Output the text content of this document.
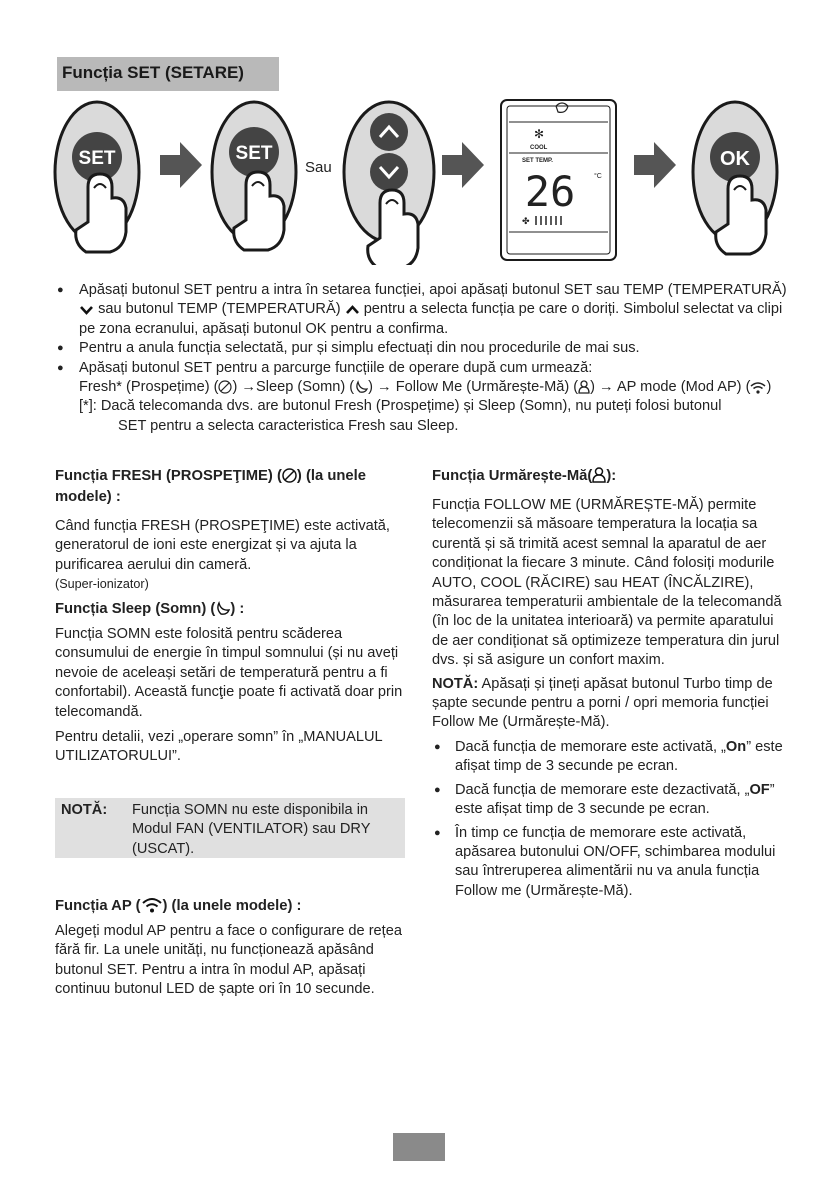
Funcția SET (SETARE)
SET	SET
Sau
✻
COOL
SET TEMP.
26	°C
✤
OK
● Apăsați butonul SET pentru a intra în setarea funcției, apoi apăsați butonul SET sau TEMP (TEMPERATURĂ)  sau butonul TEMP (TEMPERATURĂ) pentru a selecta funcția pe care o doriți. Simbolul selectat va clipi pe zona ecranului, apăsați butonul OK pentru a confirma.
● Pentru a anula funcția selectată, pur și simplu efectuați din nou procedurile de mai sus.
● Apăsați butonul SET pentru a parcurge funcțiile de operare după cum urmează:
Fresh* (Prospețime) ( ) →Sleep (Somn) ( ) → Follow Me (Urmărește-Mă) ( ) → AP mode (Mod AP) ( )
[*]: Dacă telecomanda dvs. are butonul Fresh (Prospețime) și Sleep (Somn), nu puteți folosi butonul
SET pentru a selecta caracteristica Fresh sau Sleep.
Funcția FRESH (PROSPEŢIME) ( ) (la unele
modele) :
Când funcția FRESH (PROSPEŢIME) este activată, generatorul de ioni este energizat și va ajuta la purificarea aerului din cameră.
(Super-ionizator)
Funcția Sleep (Somn) ( ) :
Funcția SOMN este folosită pentru scăderea consumului de energie în timpul somnului (și nu aveți nevoie de aceleași setări de temperatură pentru a fi confortabil). Această funcţie poate fi activată doar prin telecomandă.
Pentru detalii, vezi „operare somn” în „MANUALUL UTILIZATORULUI”.
NOTĂ: Funcția SOMN nu este disponibila in Modul FAN (VENTILATOR) sau DRY (USCAT).
Funcția AP ( ) (la unele modele) :
Alegeți modul AP pentru a face o configurare de rețea fără fir. La unele unități, nu funcționează apăsând butonul SET. Pentru a intra în modul AP, apăsați continuu butonul LED de șapte ori în 10 secunde.
Funcția Urmărește-Mă( ):
Funcția FOLLOW ME (URMĂREȘTE-MĂ) permite telecomenzii să măsoare temperatura la locația sa curentă și să trimită acest semnal la aparatul de aer condiționat la fiecare 3 minute. Când folosiți modurile AUTO, COOL (RĂCIRE) sau HEAT (ÎNCĂLZIRE), măsurarea temperaturii ambientale de la telecomandă (în loc de la unitatea interioară) va permite aparatului de aer condiționat să optimizeze temperatura din jurul dvs. și să asigure un confort maxim.
NOTĂ: Apăsați și țineți apăsat butonul Turbo timp de șapte secunde pentru a porni / opri memoria funcției Follow Me (Urmărește-Mă).
● Dacă funcția de memorare este activată, „On” este afișat timp de 3 secunde pe ecran.
● Dacă funcția de memorare este dezactivată, „OF” este afișat timp de 3 secunde pe ecran.
● În timp ce funcția de memorare este activată, apăsarea butonului ON/OFF, schimbarea modului sau întreruperea alimentării nu va anula funcția Follow me (Urmărește-Mă).
